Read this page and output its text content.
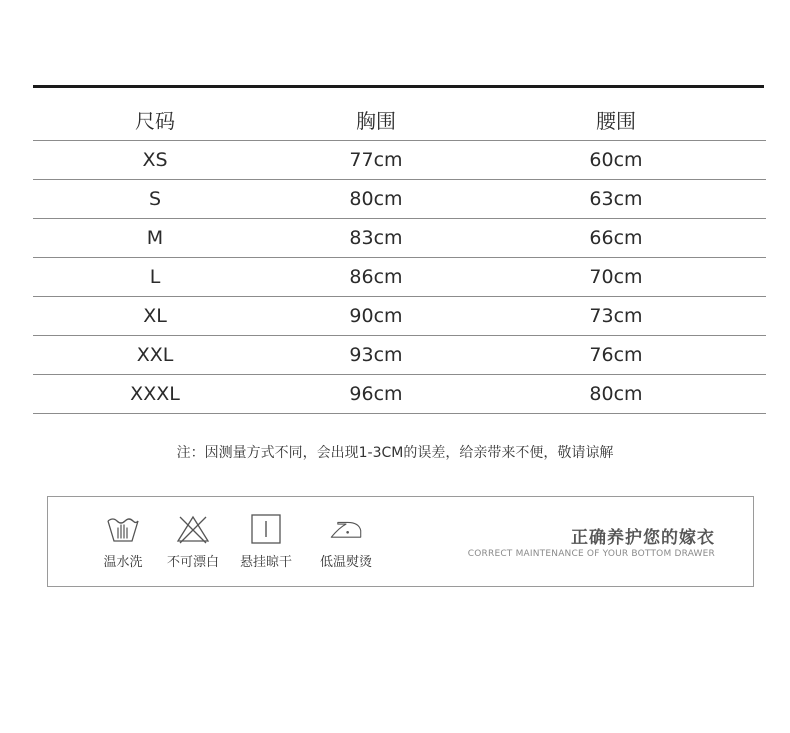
尺码	胸围	腰围
XS	77cm	60cm
S	80cm	63cm
M	83cm	66cm
L	86cm	70cm
XL	90cm	73cm
XXL	93cm	76cm
XXXL	96cm	80cm
注：因测量方式不同，会出现1-3CM的误差，给亲带来不便，敬请谅解
温水洗	不可漂白	悬挂晾干	低温熨烫
正确养护您的嫁衣
CORRECT MAINTENANCE OF YOUR BOTTOM DRAWER
